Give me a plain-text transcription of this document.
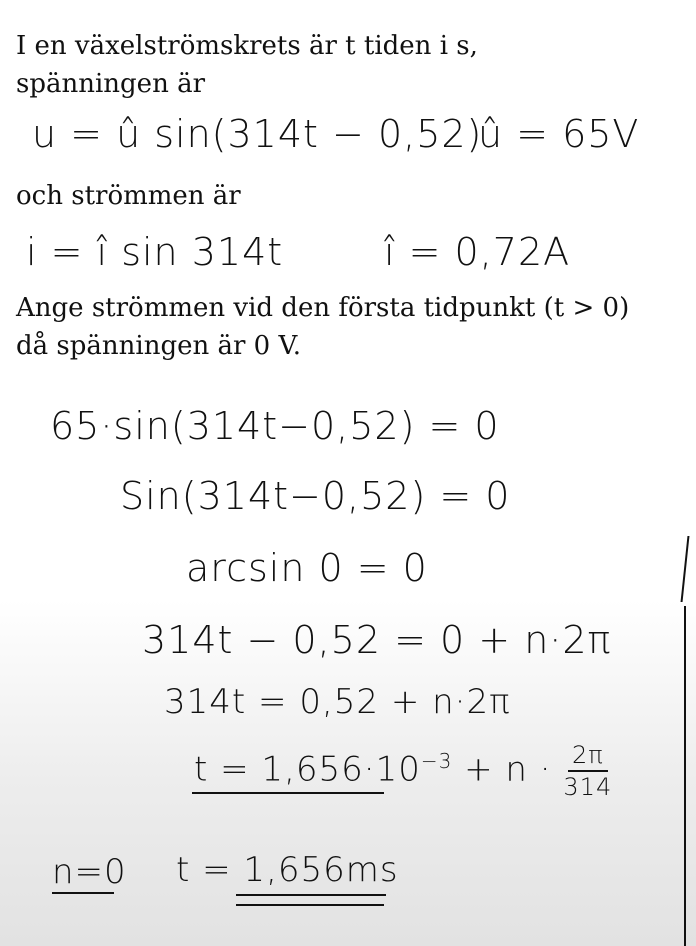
I en växelströmskrets är t tiden i s,
spänningen är
u = û sin(314t − 0,52)
û = 65V
och strömmen är
i = î sin 314t	î = 0,72A
Ange strömmen vid den första tidpunkt (t > 0)
då spänningen är 0 V.
65·sin(314t−0,52) = 0
Sin(314t−0,52) = 0
arcsin 0 = 0
314t − 0,52 = 0 + n·2π
314t = 0,52 + n·2π
$t = 1,656\cdot 10^{-3} + n \cdot \frac{2\pi}{314}$
n=0 t = 1,656ms
